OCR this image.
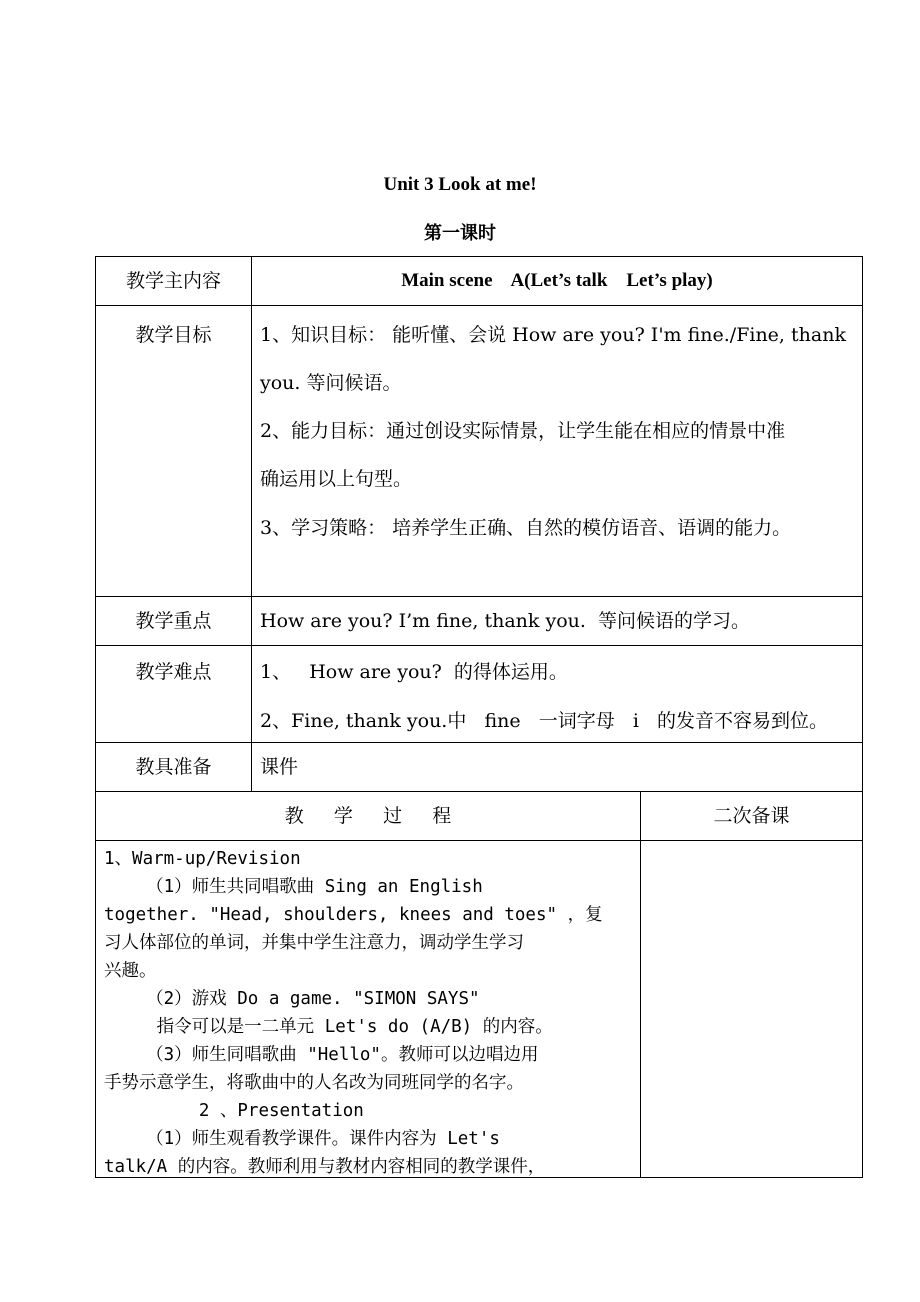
Unit 3 Look at me!
第一课时
教学主内容	Main scene    A(Let’s talk    Let’s play)
教学目标	1、知识目标： 能听懂、会说 How are you? I'm fine./Fine, thank
you. 等问候语。
2、能力目标：通过创设实际情景，让学生能在相应的情景中准
确运用以上句型。
3、学习策略： 培养学生正确、自然的模仿语音、语调的能力。
教学重点	How are you? I’m fine, thank you.  等问候语的学习。
教学难点	1、   How are you?  的得体运用。
2、Fine, thank you.中   fine   一词字母   i   的发音不容易到位。
教具准备	课件
教     学     过     程	二次备课
1、Warm-up/Revision
（1）师生共同唱歌曲 Sing an English
together. "Head, shoulders, knees and toes" ，复
习人体部位的单词，并集中学生注意力，调动学生学习
兴趣。
（2）游戏 Do a game. "SIMON SAYS"
指令可以是一二单元 Let's do (A/B) 的内容。
（3）师生同唱歌曲 "Hello"。教师可以边唱边用
手势示意学生，将歌曲中的人名改为同班同学的名字。
2 、Presentation
（1）师生观看教学课件。课件内容为 Let's
talk/A 的内容。教师利用与教材内容相同的教学课件，
